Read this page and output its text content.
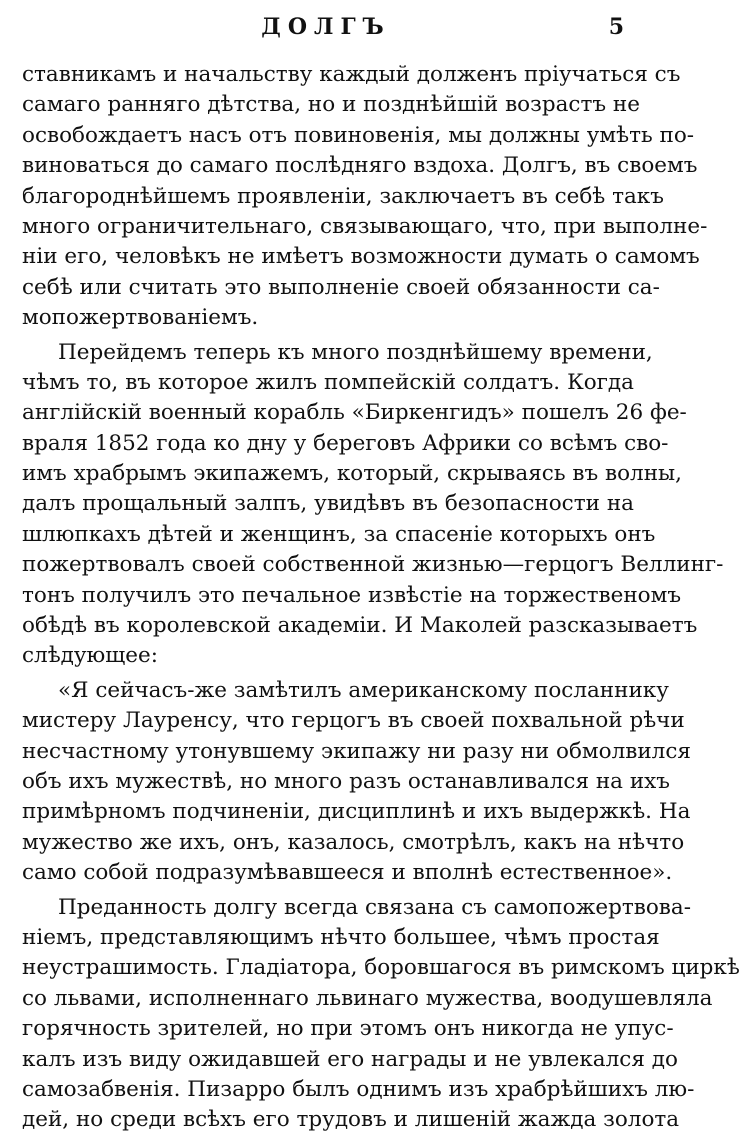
ДОЛГЪ	5
ставникамъ и начальству каждый долженъ пріучаться съ
самаго ранняго дѣтства, но и позднѣйшій возрастъ не
освобождаетъ насъ отъ повиновенія, мы должны умѣть по-
виноваться до самаго послѣдняго вздоха. Долгъ, въ своемъ
благороднѣйшемъ проявленіи, заключаетъ въ себѣ такъ
много ограничительнаго, связывающаго, что, при выполне-
ніи его, человѣкъ не имѣетъ возможности думать о самомъ
себѣ или считать это выполненіе своей обязанности са-
мопожертвованіемъ.
Перейдемъ теперь къ много позднѣйшему времени,
чѣмъ то, въ которое жилъ помпейскій солдатъ. Когда
англійскій военный корабль «Биркенгидъ» пошелъ 26 фе-
враля 1852 года ко дну у береговъ Африки со всѣмъ сво-
имъ храбрымъ экипажемъ, который, скрываясь въ волны,
далъ прощальный залпъ, увидѣвъ въ безопасности на
шлюпкахъ дѣтей и женщинъ, за спасеніе которыхъ онъ
пожертвовалъ своей собственной жизнью—герцогъ Веллинг-
тонъ получилъ это печальное извѣстіе на торжественомъ
обѣдѣ въ королевской академіи. И Маколей разсказываетъ
слѣдующее:
«Я сейчасъ-же замѣтилъ американскому посланнику
мистеру Лауренсу, что герцогъ въ своей похвальной рѣчи
несчастному утонувшему экипажу ни разу ни обмолвился
объ ихъ мужествѣ, но много разъ останавливался на ихъ
примѣрномъ подчиненіи, дисциплинѣ и ихъ выдержкѣ. На
мужество же ихъ, онъ, казалось, смотрѣлъ, какъ на нѣчто
само собой подразумѣвавшееся и вполнѣ естественное».
Преданность долгу всегда связана съ самопожертвова-
ніемъ, представляющимъ нѣчто большее, чѣмъ простая
неустрашимость. Гладіатора, боровшагося въ римскомъ циркѣ
со львами, исполненнаго львинаго мужества, воодушевляла
горячность зрителей, но при этомъ онъ никогда не упус-
калъ изъ виду ожидавшей его награды и не увлекался до
самозабвенія. Пизарро былъ однимъ изъ храбрѣйшихъ лю-
дей, но среди всѣхъ его трудовъ и лишеній жажда золота
